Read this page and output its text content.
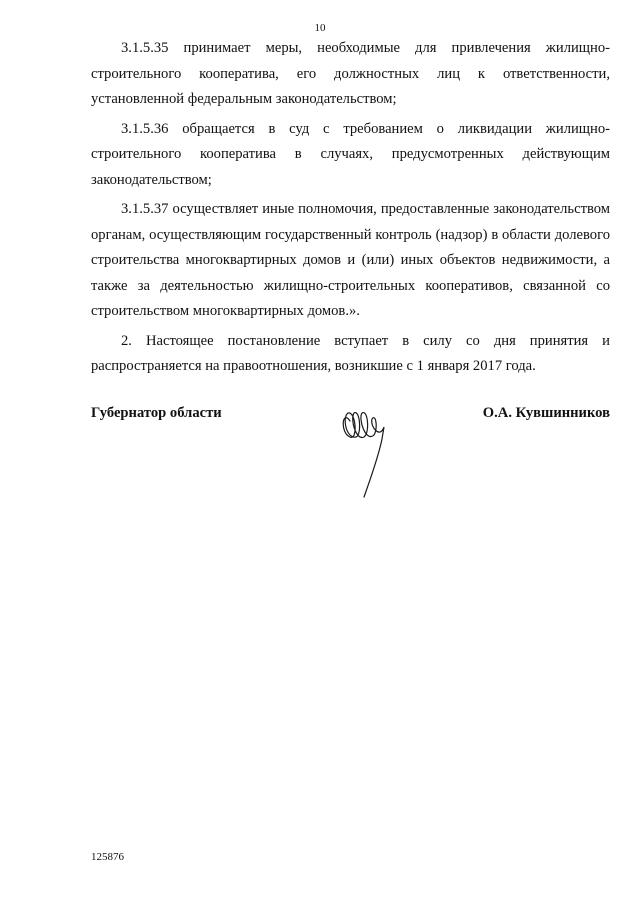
10

3.1.5.35 принимает меры, необходимые для привлечения жилищно-строительного кооператива, его должностных лиц к ответственности, установленной федеральным законодательством;

3.1.5.36 обращается в суд с требованием о ликвидации жилищно-строительного кооператива в случаях, предусмотренных действующим законодательством;

3.1.5.37 осуществляет иные полномочия, предоставленные законодательством органам, осуществляющим государственный контроль (надзор) в области долевого строительства многоквартирных домов и (или) иных объектов недвижимости, а также за деятельностью жилищно-строительных кооперативов, связанной со строительством многоквартирных домов.».

2. Настоящее постановление вступает в силу со дня принятия и распространяется на правоотношения, возникшие с 1 января 2017 года.

Губернатор области	О.А. Кувшинников
125876
